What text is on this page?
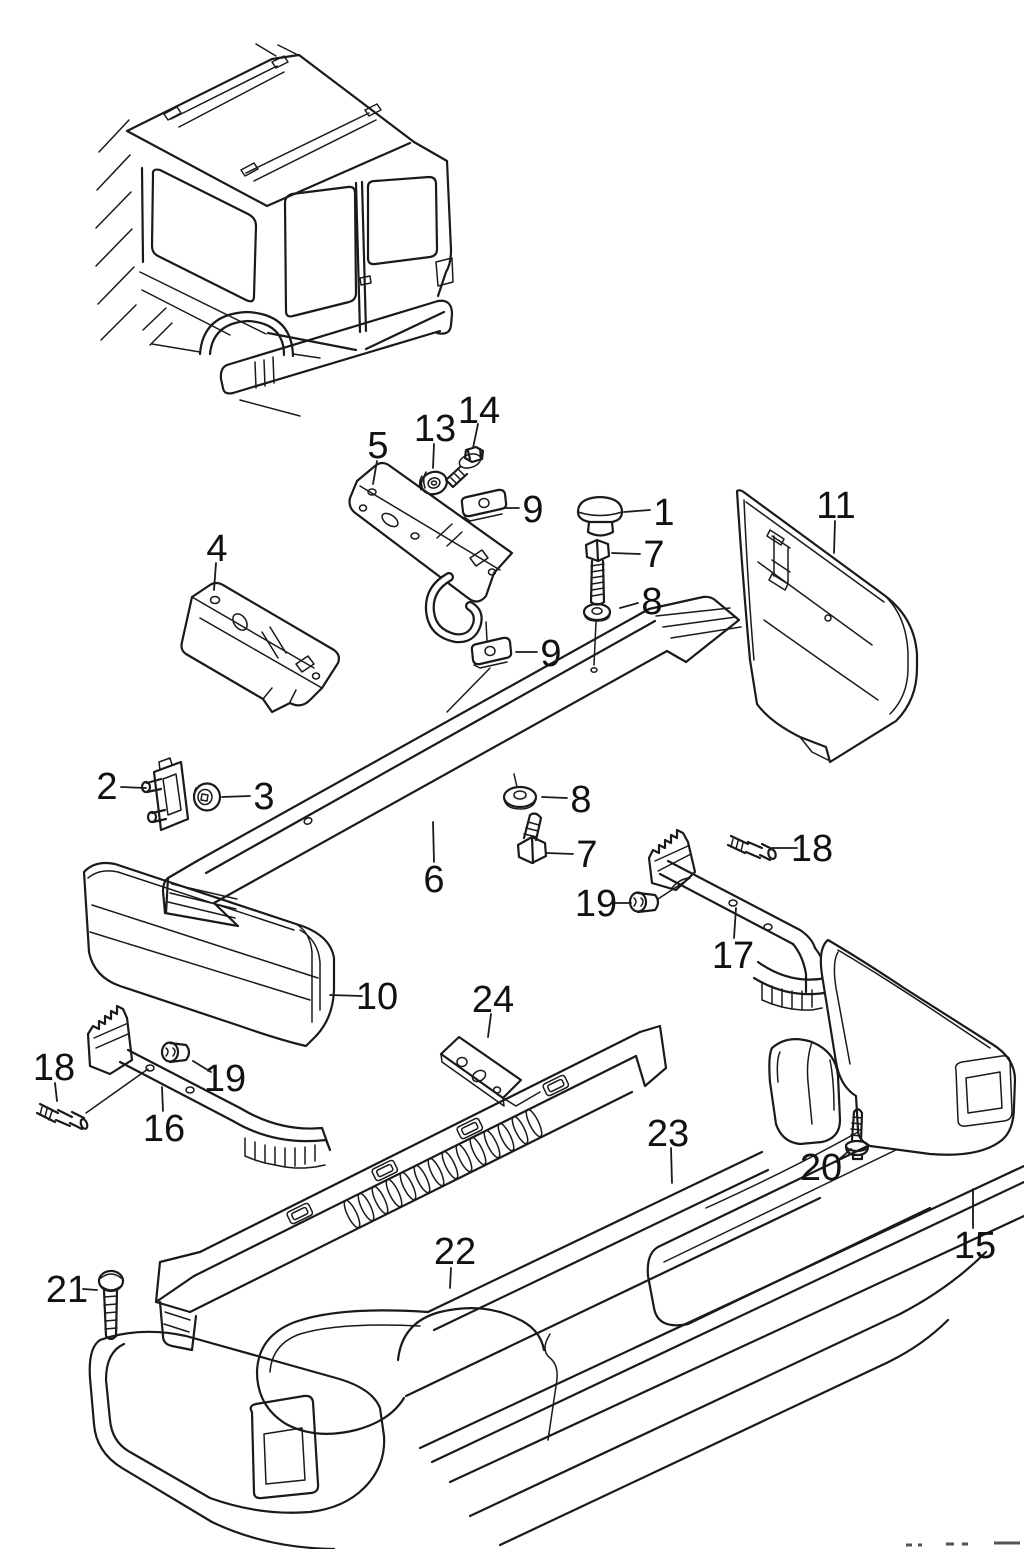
14
13
5
9	1
7
8
9
11
4
2	3	8
7
6
19
18
17
10 24
18	19
16	23
20
22	15
21
